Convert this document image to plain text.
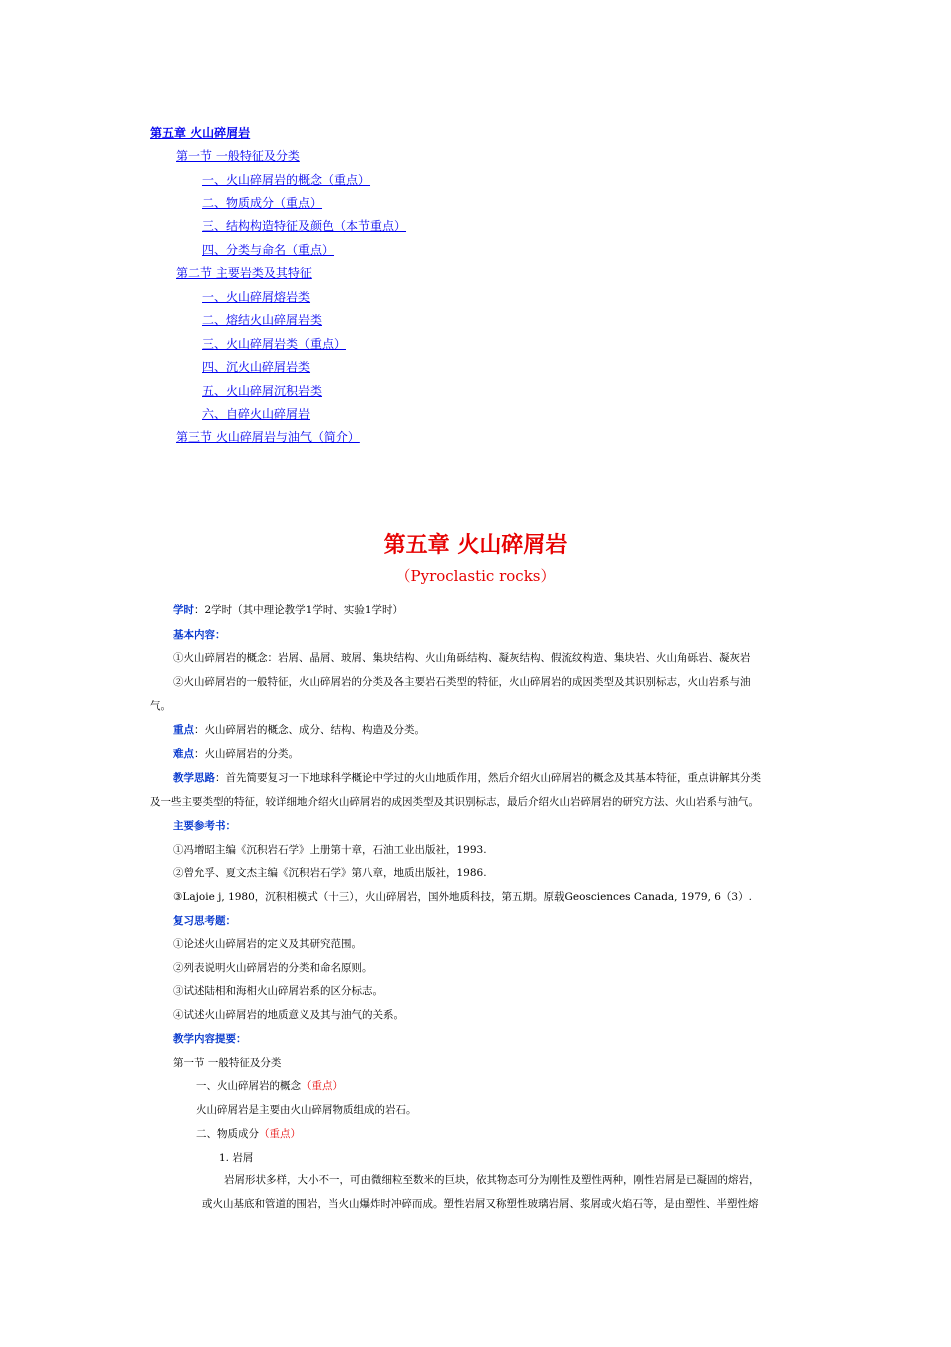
第五章 火山碎屑岩
第一节 一般特征及分类
一、火山碎屑岩的概念（重点）
二、物质成分（重点）
三、结构构造特征及颜色（本节重点）
四、分类与命名（重点）
第二节 主要岩类及其特征
一、火山碎屑熔岩类
二、熔结火山碎屑岩类
三、火山碎屑岩类（重点）
四、沉火山碎屑岩类
五、火山碎屑沉积岩类
六、自碎火山碎屑岩
第三节 火山碎屑岩与油气（简介）
第五章 火山碎屑岩
（Pyroclastic rocks）
学时：2学时（其中理论教学1学时、实验1学时）
基本内容：
①火山碎屑岩的概念：岩屑、晶屑、玻屑、集块结构、火山角砾结构、凝灰结构、假流纹构造、集块岩、火山角砾岩、凝灰岩
②火山碎屑岩的一般特征，火山碎屑岩的分类及各主要岩石类型的特征，火山碎屑岩的成因类型及其识别标志，火山岩系与油
气。
重点：火山碎屑岩的概念、成分、结构、构造及分类。
难点：火山碎屑岩的分类。
教学思路：首先简要复习一下地球科学概论中学过的火山地质作用，然后介绍火山碎屑岩的概念及其基本特征，重点讲解其分类
及一些主要类型的特征，较详细地介绍火山碎屑岩的成因类型及其识别标志，最后介绍火山岩碎屑岩的研究方法、火山岩系与油气。
主要参考书：
①冯增昭主编《沉积岩石学》上册第十章，石油工业出版社，1993.
②曾允孚、夏文杰主编《沉积岩石学》第八章，地质出版社，1986.
③Lajoie j, 1980，沉积相模式（十三），火山碎屑岩，国外地质科技，第五期。原载Geosciences Canada, 1979, 6（3）.
复习思考题：
①论述火山碎屑岩的定义及其研究范围。
②列表说明火山碎屑岩的分类和命名原则。
③试述陆相和海相火山碎屑岩系的区分标志。
④试述火山碎屑岩的地质意义及其与油气的关系。
教学内容提要：
第一节 一般特征及分类
一、火山碎屑岩的概念（重点）
火山碎屑岩是主要由火山碎屑物质组成的岩石。
二、物质成分（重点）
1. 岩屑
岩屑形状多样，大小不一，可由微细粒至数米的巨块，依其物态可分为刚性及塑性两种，刚性岩屑是已凝固的熔岩，
或火山基底和管道的围岩，当火山爆炸时冲碎而成。塑性岩屑又称塑性玻璃岩屑、浆屑或火焰石等，是由塑性、半塑性熔
